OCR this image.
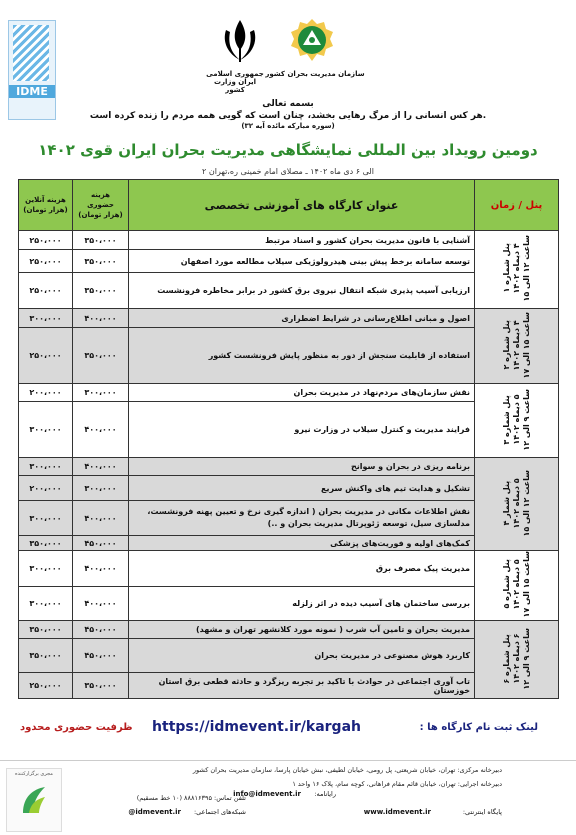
IDME
سازمان مدیریت بحران کشور
جمهوری اسلامی ایران وزارت کشور
بسمه تعالی
هر کس انسانی را از مرگ رهایی بخشد، چنان است که گویی همه مردم را زنده کرده است.
(سوره مبارکه مائده آیه ۳۲)
دومین رویداد بین المللی نمایشگاهی مدیریت بحران ایران قوی ۱۴۰۲
۲ الی ۶ دی ماه ۱۴۰۲ ـ مصلای امام خمینی ره،تهران
پنل / زمان	عنوان کارگاه های آموزشی تخصصی	هزینه حضوری (هزار تومان)	هزینه آنلاین (هزار تومان)
پنل شماره ۱
۴ دیماه ۱۴۰۲
ساعت ۱۲ الی ۱۵	آشنایی با قانون مدیریت بحران کشور و اسناد مرتبط	۳۵۰،۰۰۰	۲۵۰،۰۰۰
	توسعه سامانه برخط پیش بینی هیدرولوژیکی سیلاب مطالعه مورد اصفهان	۳۵۰،۰۰۰	۲۵۰،۰۰۰
	ارزیابی آسیب پذیری شبکه انتقال نیروی برق کشور در برابر مخاطره فرونشست	۳۵۰،۰۰۰	۲۵۰،۰۰۰
پنل شماره ۲
۴ دیماه ۱۴۰۲
ساعت ۱۵ الی ۱۷	اصول و مبانی اطلاع‌رسانی در شرایط اضطراری	۴۰۰،۰۰۰	۳۰۰،۰۰۰
	استفاده از قابلیت سنجش از دور به منظور پایش فرونشست کشور	۳۵۰،۰۰۰	۲۵۰،۰۰۰
پنل شماره ۳
۵ دیماه ۱۴۰۲
ساعت ۹ الی ۱۲	نقش سازمان‌های مردم‌نهاد در مدیریت بحران	۳۰۰،۰۰۰	۲۰۰،۰۰۰
	فرایند مدیریت و کنترل سیلاب در وزارت نیرو	۴۰۰،۰۰۰	۳۰۰،۰۰۰
پنل شمار ۴
۵ دیماه ۱۴۰۲
ساعت ۱۲ الی ۱۵	برنامه ریزی در بحران و سوانح	۴۰۰،۰۰۰	۳۰۰،۰۰۰
	تشکیل و هدایت تیم های واکنش سریع	۳۰۰،۰۰۰	۲۰۰،۰۰۰
	نقش اطلاعات مکانی در مدیریت بحران ( اندازه گیری نرخ و تعیین پهنه فرونشست، مدلسازی سیل، توسعه ژئوپرتال مدیریت بحران و ..)	۴۰۰،۰۰۰	۳۰۰،۰۰۰
	کمک‌های اولیه و فوریت‌های پزشکی	۴۵۰،۰۰۰	۳۵۰،۰۰۰
پنل شماره ۵
۵ دیماه ۱۴۰۲
ساعت ۱۵ الی ۱۷	مدیریت پیک مصرف برق	۴۰۰،۰۰۰	۳۰۰،۰۰۰
	بررسی ساختمان های آسیب دیده در اثر زلزله	۴۰۰،۰۰۰	۳۰۰،۰۰۰
پنل شماره ۶
۶ دیماه ۱۴۰۲
ساعت ۹ الی ۱۲	مدیریت بحران و تامین آب شرب ( نمونه مورد کلانشهر تهران و مشهد)	۴۵۰،۰۰۰	۳۵۰،۰۰۰
	کاربرد هوش مصنوعی در مدیریت بحران	۴۵۰،۰۰۰	۳۵۰،۰۰۰
	تاب آوری اجتماعی در حوادث با تاکید بر تجربه ریزگرد و حادثه قطعی برق استان خوزستان	۳۵۰،۰۰۰	۲۵۰،۰۰۰
لینک ثبت نام کارگاه ها :
https://idmevent.ir/kargah
ظرفیت حضوری محدود
دبیرخانه مرکزی: تهران، خیابان شریعتی، پل رومی، خیابان لطیفی، نبش خیابان پارسا، سازمان مدیریت بحران کشور
دبیرخانه اجرایی: تهران، خیابان قائم مقام فراهانی، کوچه سام، پلاک ۱۶ واحد ۱
تلفن تماس: ۸۸۸۱۶۳۹۵ (۱۰ خط مسقیم)
پایگاه اینترنتی:
www.idmevent.ir
رایانامه:
info@idmevent.ir
شبکه‌های اجتماعی:
@idmevent.ir
مجری برگزارکننده
